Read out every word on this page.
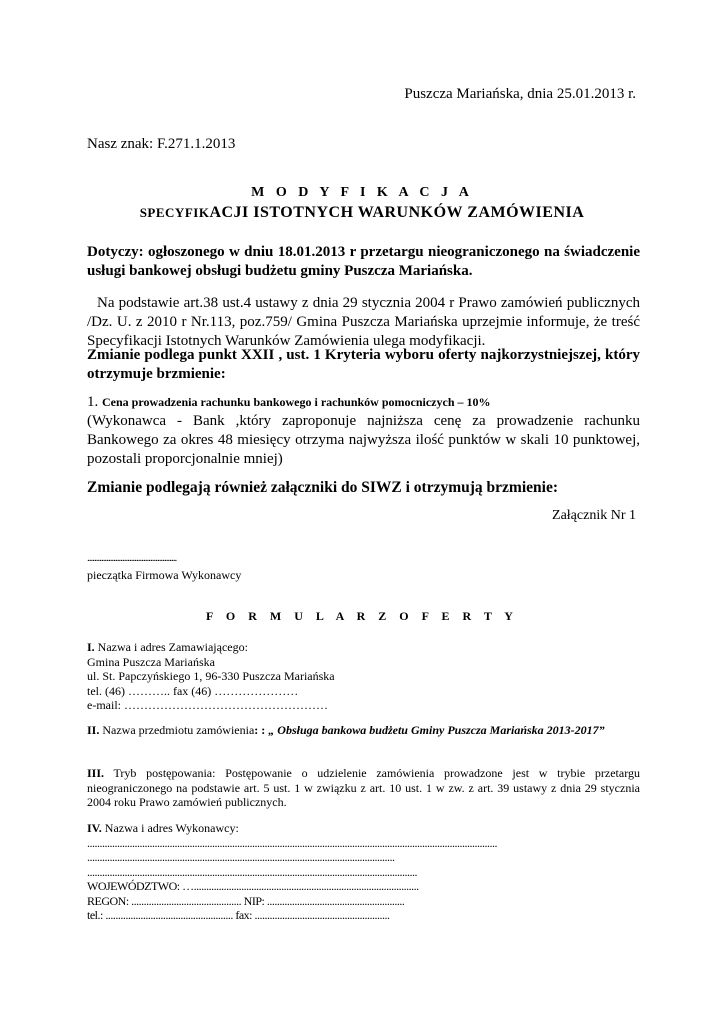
Puszcza Mariańska, dnia 25.01.2013 r.
Nasz znak: F.271.1.2013
M O D Y F I K A C J A
SPECYFIKACJI ISTOTNYCH WARUNKÓW ZAMÓWIENIA
Dotyczy: ogłoszonego w dniu 18.01.2013 r przetargu nieograniczonego na świadczenie usługi bankowej obsługi budżetu gminy Puszcza Mariańska.
Na podstawie art.38 ust.4 ustawy z dnia 29 stycznia 2004 r Prawo zamówień publicznych /Dz. U. z 2010 r Nr.113, poz.759/ Gmina Puszcza Mariańska uprzejmie informuje, że treść Specyfikacji Istotnych Warunków Zamówienia ulega modyfikacji.
Zmianie podlega punkt XXII , ust. 1 Kryteria wyboru oferty najkorzystniejszej, który otrzymuje brzmienie:
1. Cena prowadzenia rachunku bankowego i rachunków pomocniczych – 10%
(Wykonawca - Bank ,który zaproponuje najniższa cenę za prowadzenie rachunku Bankowego za okres 48 miesięcy otrzyma najwyższa ilość punktów w skali 10 punktowej, pozostali proporcjonalnie mniej)
Zmianie podlegają również załączniki do SIWZ i otrzymują brzmienie:
Załącznik Nr 1
...................................................
pieczątka Firmowa Wykonawcy
F O R M U L A R Z O F E R T Y
I. Nazwa i adres Zamawiającego:
Gmina Puszcza Mariańska
ul. St. Papczyńskiego 1, 96-330 Puszcza Mariańska
tel. (46) ……….. fax (46) …………………
e-mail: ……………………………………………
II. Nazwa przedmiotu zamówienia: : „ Obsługa bankowa budżetu Gminy Puszcza Mariańska 2013-2017”
III. Tryb postępowania: Postępowanie o udzielenie zamówienia prowadzone jest w trybie przetargu nieograniczonego na podstawie art. 5 ust. 1 w związku z art. 10 ust. 1 w zw. z art. 39 ustawy z dnia 29 stycznia 2004 roku Prawo zamówień publicznych.
IV. Nazwa i adres Wykonawcy:
....................................................................................................................................................................
...........................................................................................................................
....................................................................................................................................
WOJEWÓDZTWO: …..........................................................................................
REGON: ............................................ NIP: .......................................................
tel.: ................................................... fax: ......................................................
